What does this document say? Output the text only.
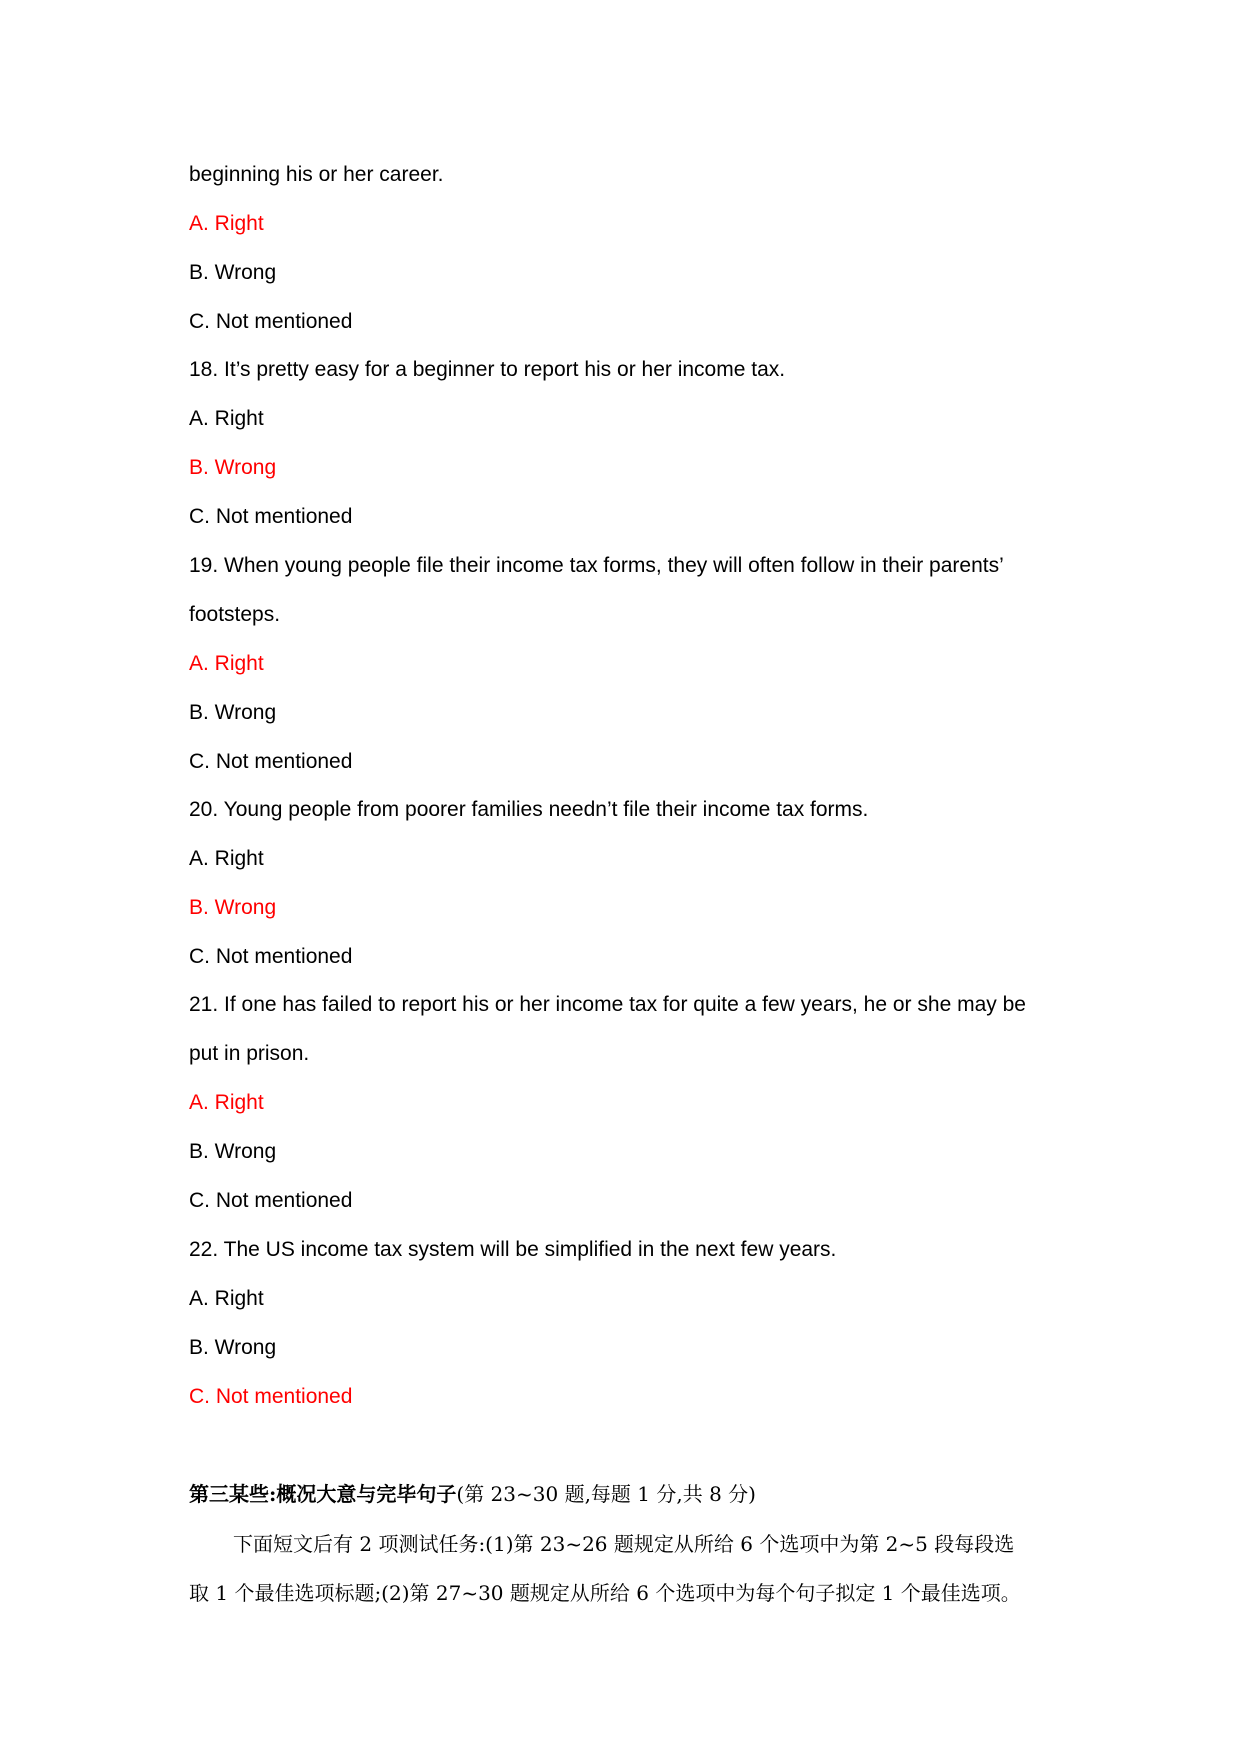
beginning his or her career.

A. Right

B. Wrong

C. Not mentioned

18. It’s pretty easy for a beginner to report his or her income tax.

A. Right

B. Wrong

C. Not mentioned

19. When young people file their income tax forms, they will often follow in their parents’

footsteps.

A. Right

B. Wrong

C. Not mentioned

20. Young people from poorer families needn’t file their income tax forms.

A. Right

B. Wrong

C. Not mentioned

21. If one has failed to report his or her income tax for quite a few years, he or she may be

put in prison.

A. Right

B. Wrong

C. Not mentioned

22. The US income tax system will be simplified in the next few years.

A. Right

B. Wrong

C. Not mentioned

第三某些:概况大意与完毕句子(第 23~30 题,每题 1 分,共 8 分)

下面短文后有 2 项测试任务:(1)第 23~26 题规定从所给 6 个选项中为第 2~5 段每段选

取 1 个最佳选项标题;(2)第 27~30 题规定从所给 6 个选项中为每个句子拟定 1 个最佳选项。
